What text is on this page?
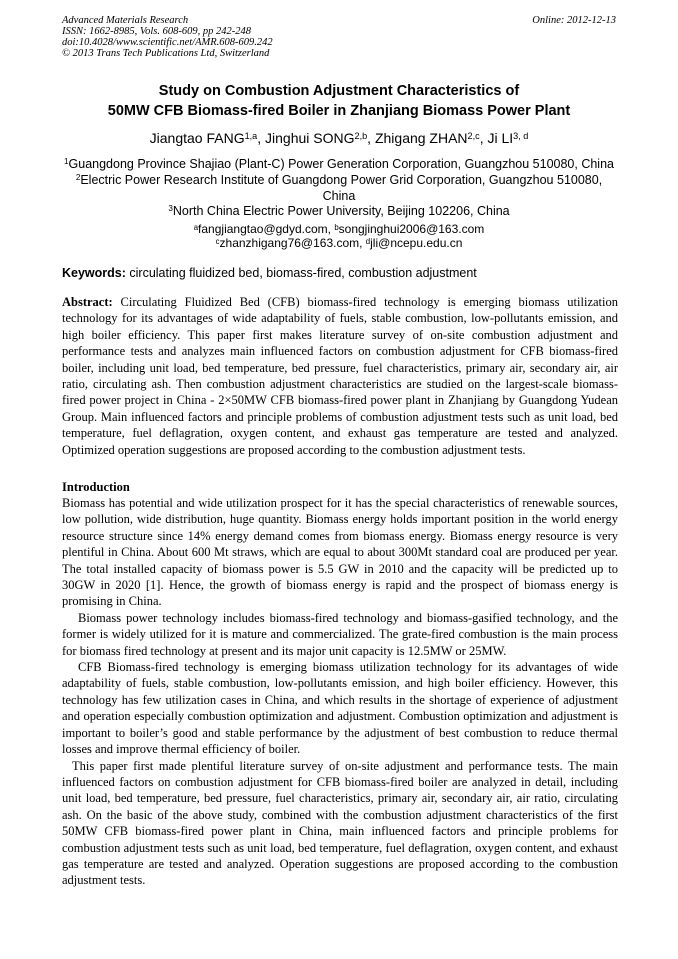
Advanced Materials Research
ISSN: 1662-8985, Vols. 608-609, pp 242-248
doi:10.4028/www.scientific.net/AMR.608-609.242
© 2013 Trans Tech Publications Ltd, Switzerland
Online: 2012-12-13
Study on Combustion Adjustment Characteristics of
50MW CFB Biomass-fired Boiler in Zhanjiang Biomass Power Plant
Jiangtao FANG$^{1,a}$, Jinghui SONG$^{2,b}$, Zhigang ZHAN$^{2,c}$, Ji LI$^{3, d}$
$^1$Guangdong Province Shajiao (Plant-C) Power Generation Corporation, Guangzhou 510080, China
$^2$Electric Power Research Institute of Guangdong Power Grid Corporation, Guangzhou 510080,
China
$^3$North China Electric Power University, Beijing 102206, China
$^a$fangjiangtao@gdyd.com, $^b$songjinghui2006@163.com
$^c$zhanzhigang76@163.com, $^d$jli@ncepu.edu.cn
Keywords: circulating fluidized bed, biomass-fired, combustion adjustment
Abstract: Circulating Fluidized Bed (CFB) biomass-fired technology is emerging biomass utilization technology for its advantages of wide adaptability of fuels, stable combustion, low-pollutants emission, and high boiler efficiency. This paper first makes literature survey of on-site combustion adjustment and performance tests and analyzes main influenced factors on combustion adjustment for CFB biomass-fired boiler, including unit load, bed temperature, bed pressure, fuel characteristics, primary air, secondary air, air ratio, circulating ash. Then combustion adjustment characteristics are studied on the largest-scale biomass-fired power project in China - 2×50MW CFB biomass-fired power plant in Zhanjiang by Guangdong Yudean Group. Main influenced factors and principle problems of combustion adjustment tests such as unit load, bed temperature, fuel deflagration, oxygen content, and exhaust gas temperature are tested and analyzed. Optimized operation suggestions are proposed according to the combustion adjustment tests.
Introduction

Biomass has potential and wide utilization prospect for it has the special characteristics of renewable sources, low pollution, wide distribution, huge quantity. Biomass energy holds important position in the world energy resource structure since 14% energy demand comes from biomass energy. Biomass energy resource is very plentiful in China. About 600 Mt straws, which are equal to about 300Mt standard coal are produced per year. The total installed capacity of biomass power is 5.5 GW in 2010 and the capacity will be predicted up to 30GW in 2020 [1]. Hence, the growth of biomass energy is rapid and the prospect of biomass energy is promising in China.

Biomass power technology includes biomass-fired technology and biomass-gasified technology, and the former is widely utilized for it is mature and commercialized. The grate-fired combustion is the main process for biomass fired technology at present and its major unit capacity is 12.5MW or 25MW.

CFB Biomass-fired technology is emerging biomass utilization technology for its advantages of wide adaptability of fuels, stable combustion, low-pollutants emission, and high boiler efficiency. However, this technology has few utilization cases in China, and which results in the shortage of experience of adjustment and operation especially combustion optimization and adjustment. Combustion optimization and adjustment is important to boiler’s good and stable performance by the adjustment of best combustion to reduce thermal losses and improve thermal efficiency of boiler.

This paper first made plentiful literature survey of on-site adjustment and performance tests. The main influenced factors on combustion adjustment for CFB biomass-fired boiler are analyzed in detail, including unit load, bed temperature, bed pressure, fuel characteristics, primary air, secondary air, air ratio, circulating ash. On the basic of the above study, combined with the combustion adjustment characteristics of the first 50MW CFB biomass-fired power plant in China, main influenced factors and principle problems for combustion adjustment tests such as unit load, bed temperature, fuel deflagration, oxygen content, and exhaust gas temperature are tested and analyzed. Operation suggestions are proposed according to the combustion adjustment tests.
